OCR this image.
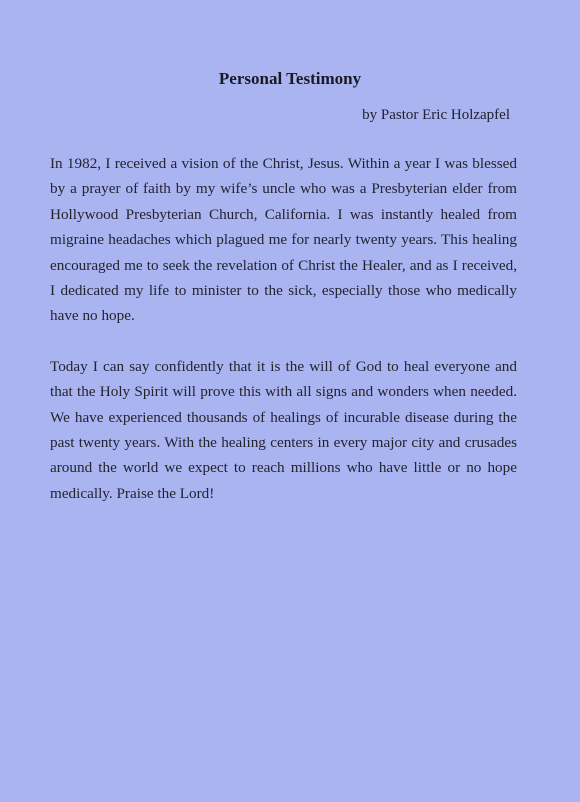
Personal Testimony
by Pastor Eric Holzapfel

In 1982, I received a vision of the Christ, Jesus. Within a year I was blessed by a prayer of faith by my wife’s uncle who was a Presbyterian elder from Hollywood Presbyterian Church, California. I was instantly healed from migraine headaches which plagued me for nearly twenty years. This healing encouraged me to seek the revelation of Christ the Healer, and as I received, I dedicated my life to minister to the sick, especially those who medically have no hope.

Today I can say confidently that it is the will of God to heal everyone and that the Holy Spirit will prove this with all signs and wonders when needed. We have experienced thousands of healings of incurable disease during the past twenty years. With the healing centers in every major city and crusades around the world we expect to reach millions who have little or no hope medically. Praise the Lord!
